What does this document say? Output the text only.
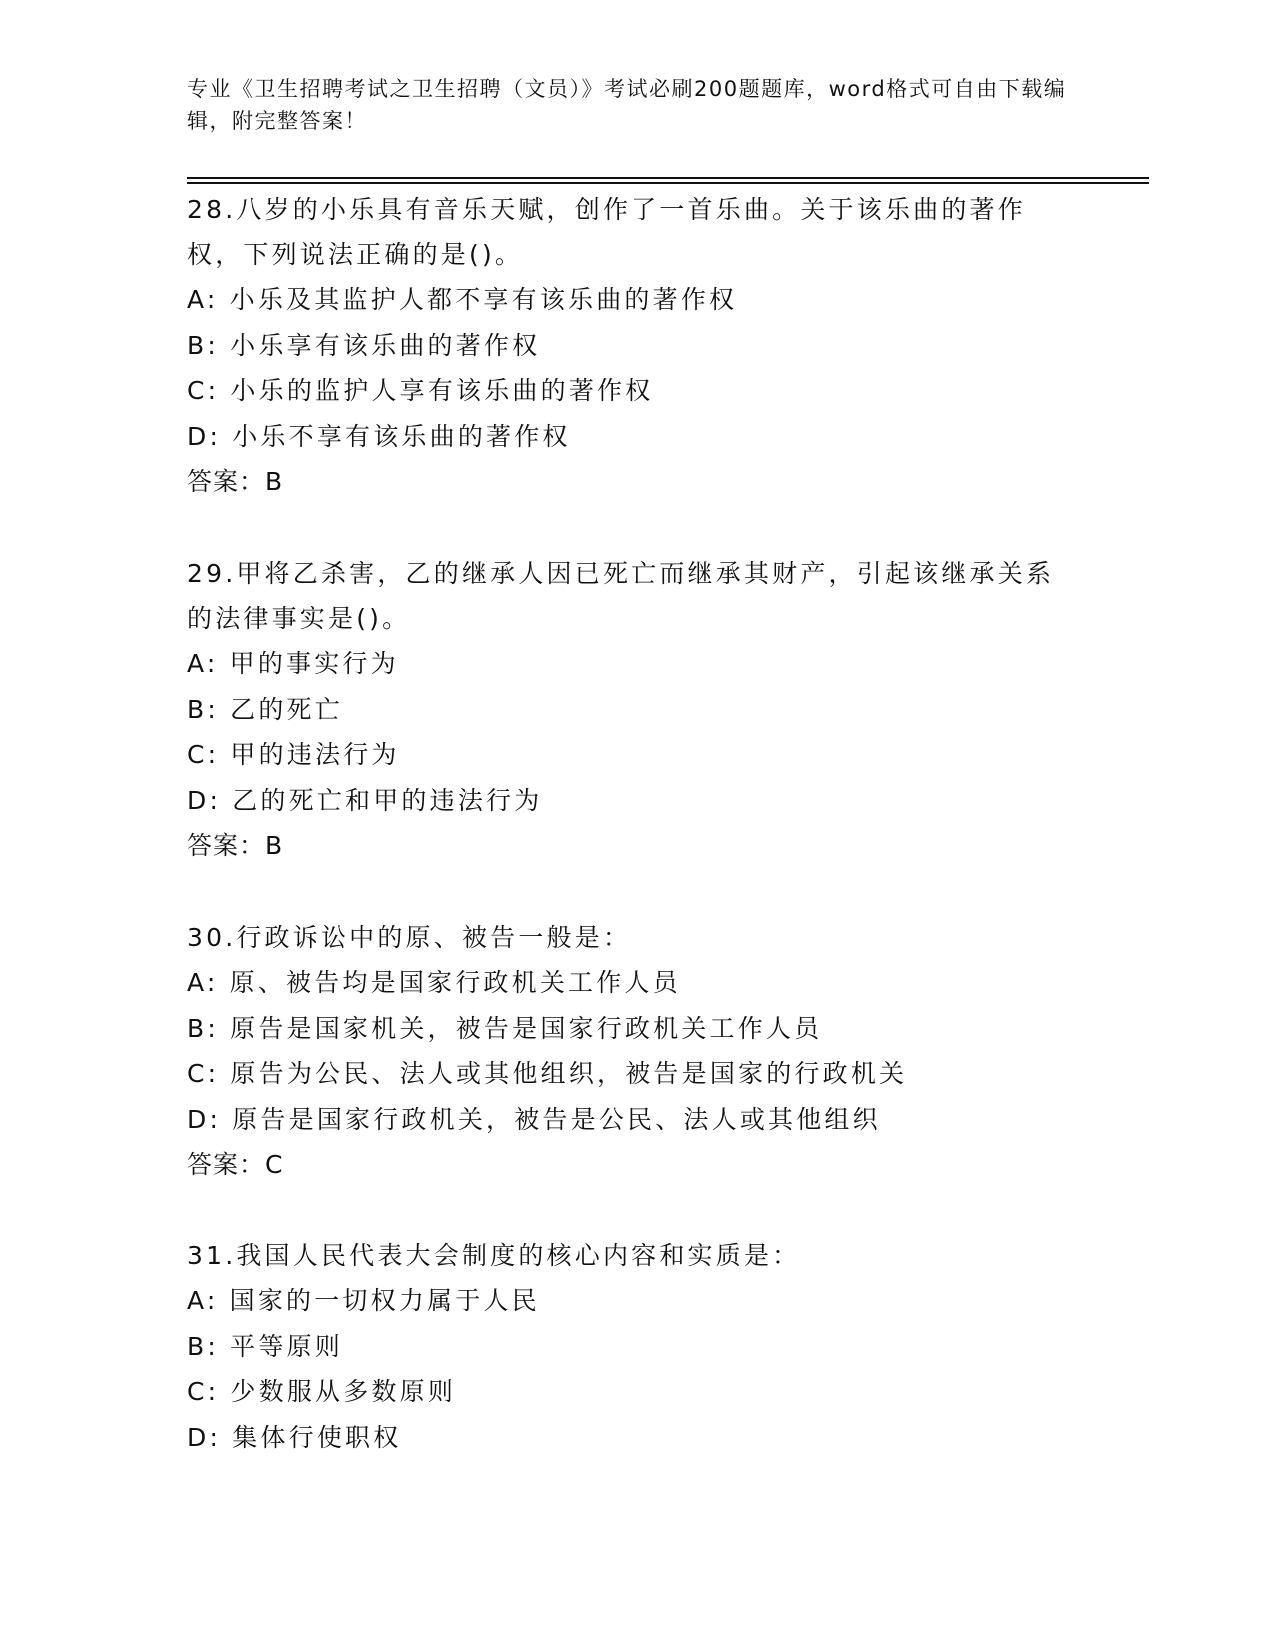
专业《卫生招聘考试之卫生招聘（文员）》考试必刷200题题库，word格式可自由下载编辑，附完整答案！
28.八岁的小乐具有音乐天赋，创作了一首乐曲。关于该乐曲的著作权，下列说法正确的是()。
A: 小乐及其监护人都不享有该乐曲的著作权
B: 小乐享有该乐曲的著作权
C: 小乐的监护人享有该乐曲的著作权
D: 小乐不享有该乐曲的著作权
答案：B
29.甲将乙杀害，乙的继承人因已死亡而继承其财产，引起该继承关系的法律事实是()。
A: 甲的事实行为
B: 乙的死亡
C: 甲的违法行为
D: 乙的死亡和甲的违法行为
答案：B
30.行政诉讼中的原、被告一般是：
A: 原、被告均是国家行政机关工作人员
B: 原告是国家机关，被告是国家行政机关工作人员
C: 原告为公民、法人或其他组织，被告是国家的行政机关
D: 原告是国家行政机关，被告是公民、法人或其他组织
答案：C
31.我国人民代表大会制度的核心内容和实质是：
A: 国家的一切权力属于人民
B: 平等原则
C: 少数服从多数原则
D: 集体行使职权
